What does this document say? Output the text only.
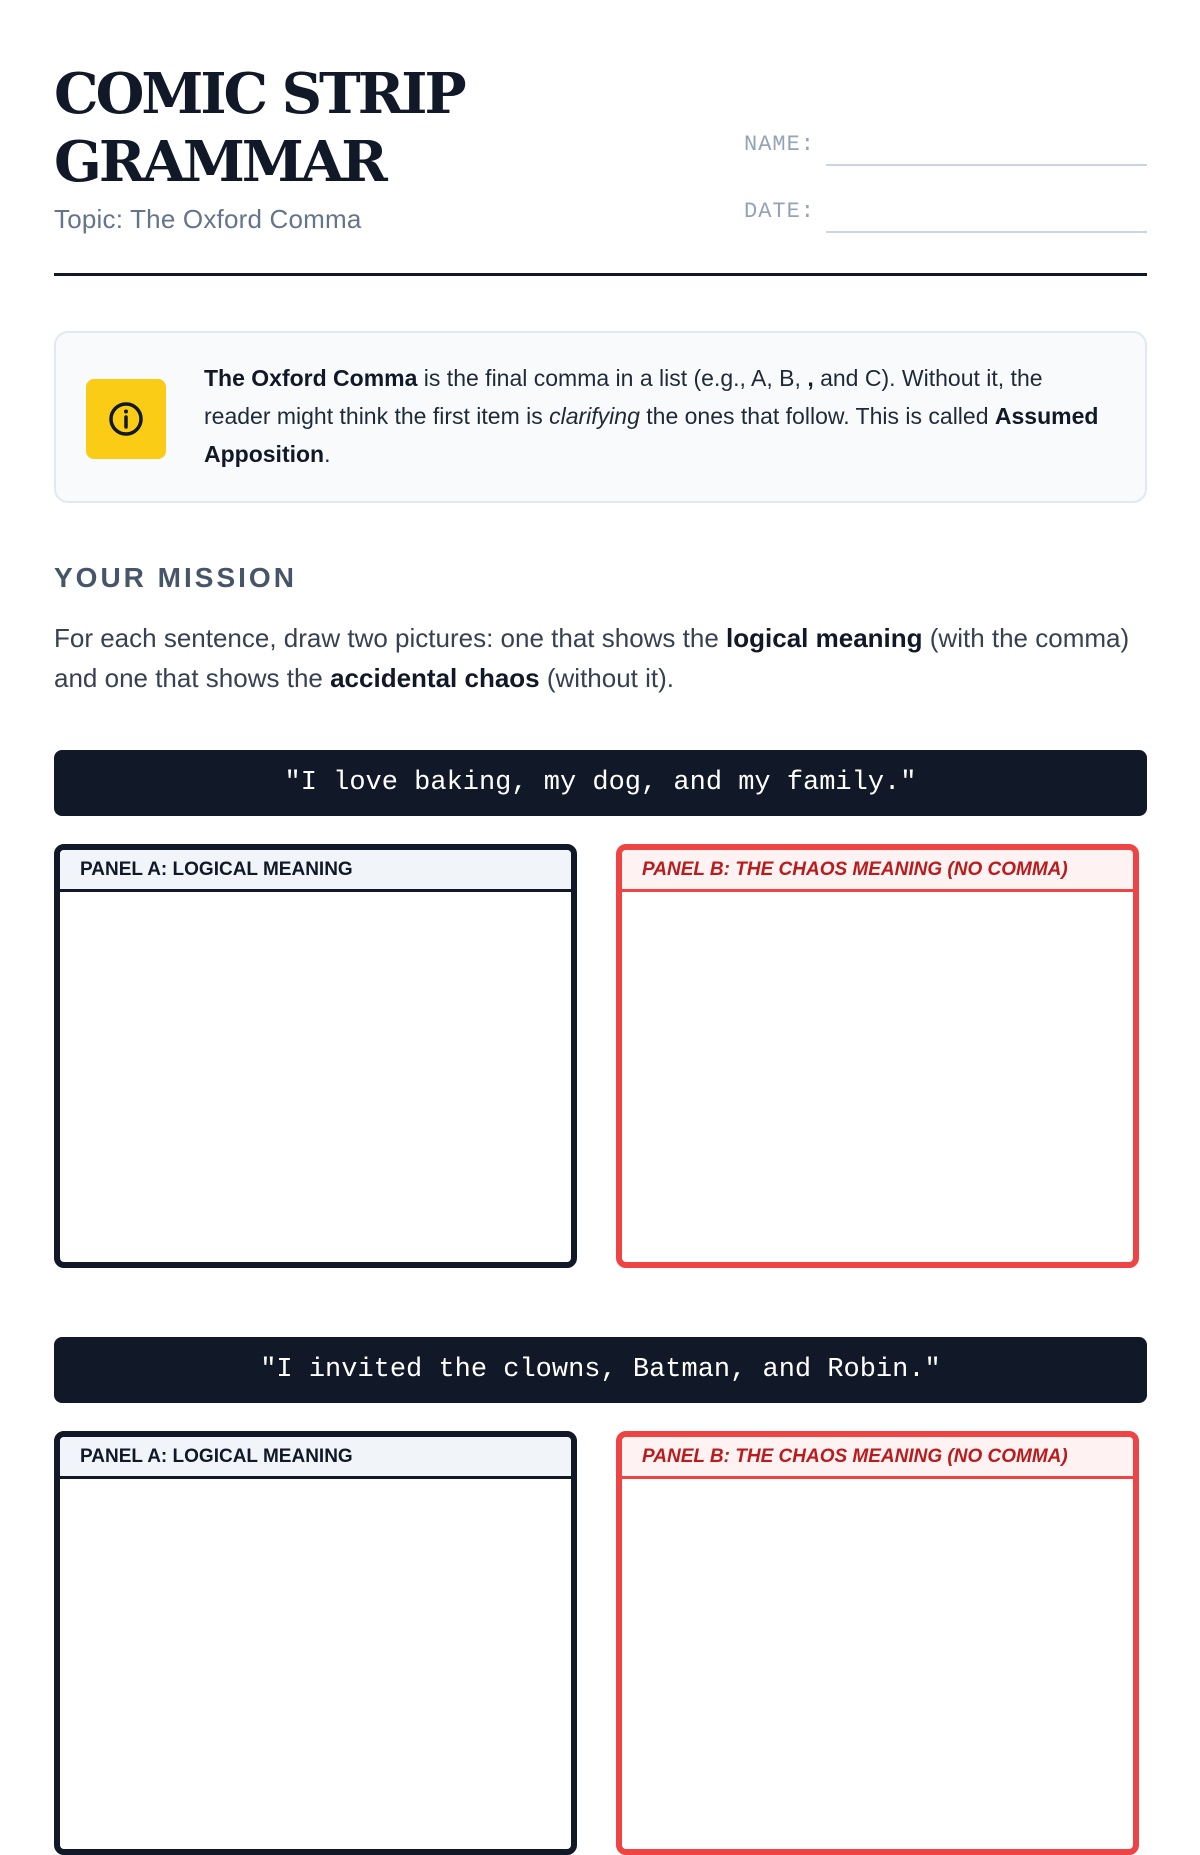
COMIC STRIP GRAMMAR
Topic: The Oxford Comma
NAME:
DATE:
The Oxford Comma is the final comma in a list (e.g., A, B, , and C). Without it, the reader might think the first item is clarifying the ones that follow. This is called Assumed Apposition.
YOUR MISSION
For each sentence, draw two pictures: one that shows the logical meaning (with the comma) and one that shows the accidental chaos (without it).
"I love baking, my dog, and my family."
PANEL A: LOGICAL MEANING	PANEL B: THE CHAOS MEANING (NO COMMA)
"I invited the clowns, Batman, and Robin."
PANEL A: LOGICAL MEANING	PANEL B: THE CHAOS MEANING (NO COMMA)
